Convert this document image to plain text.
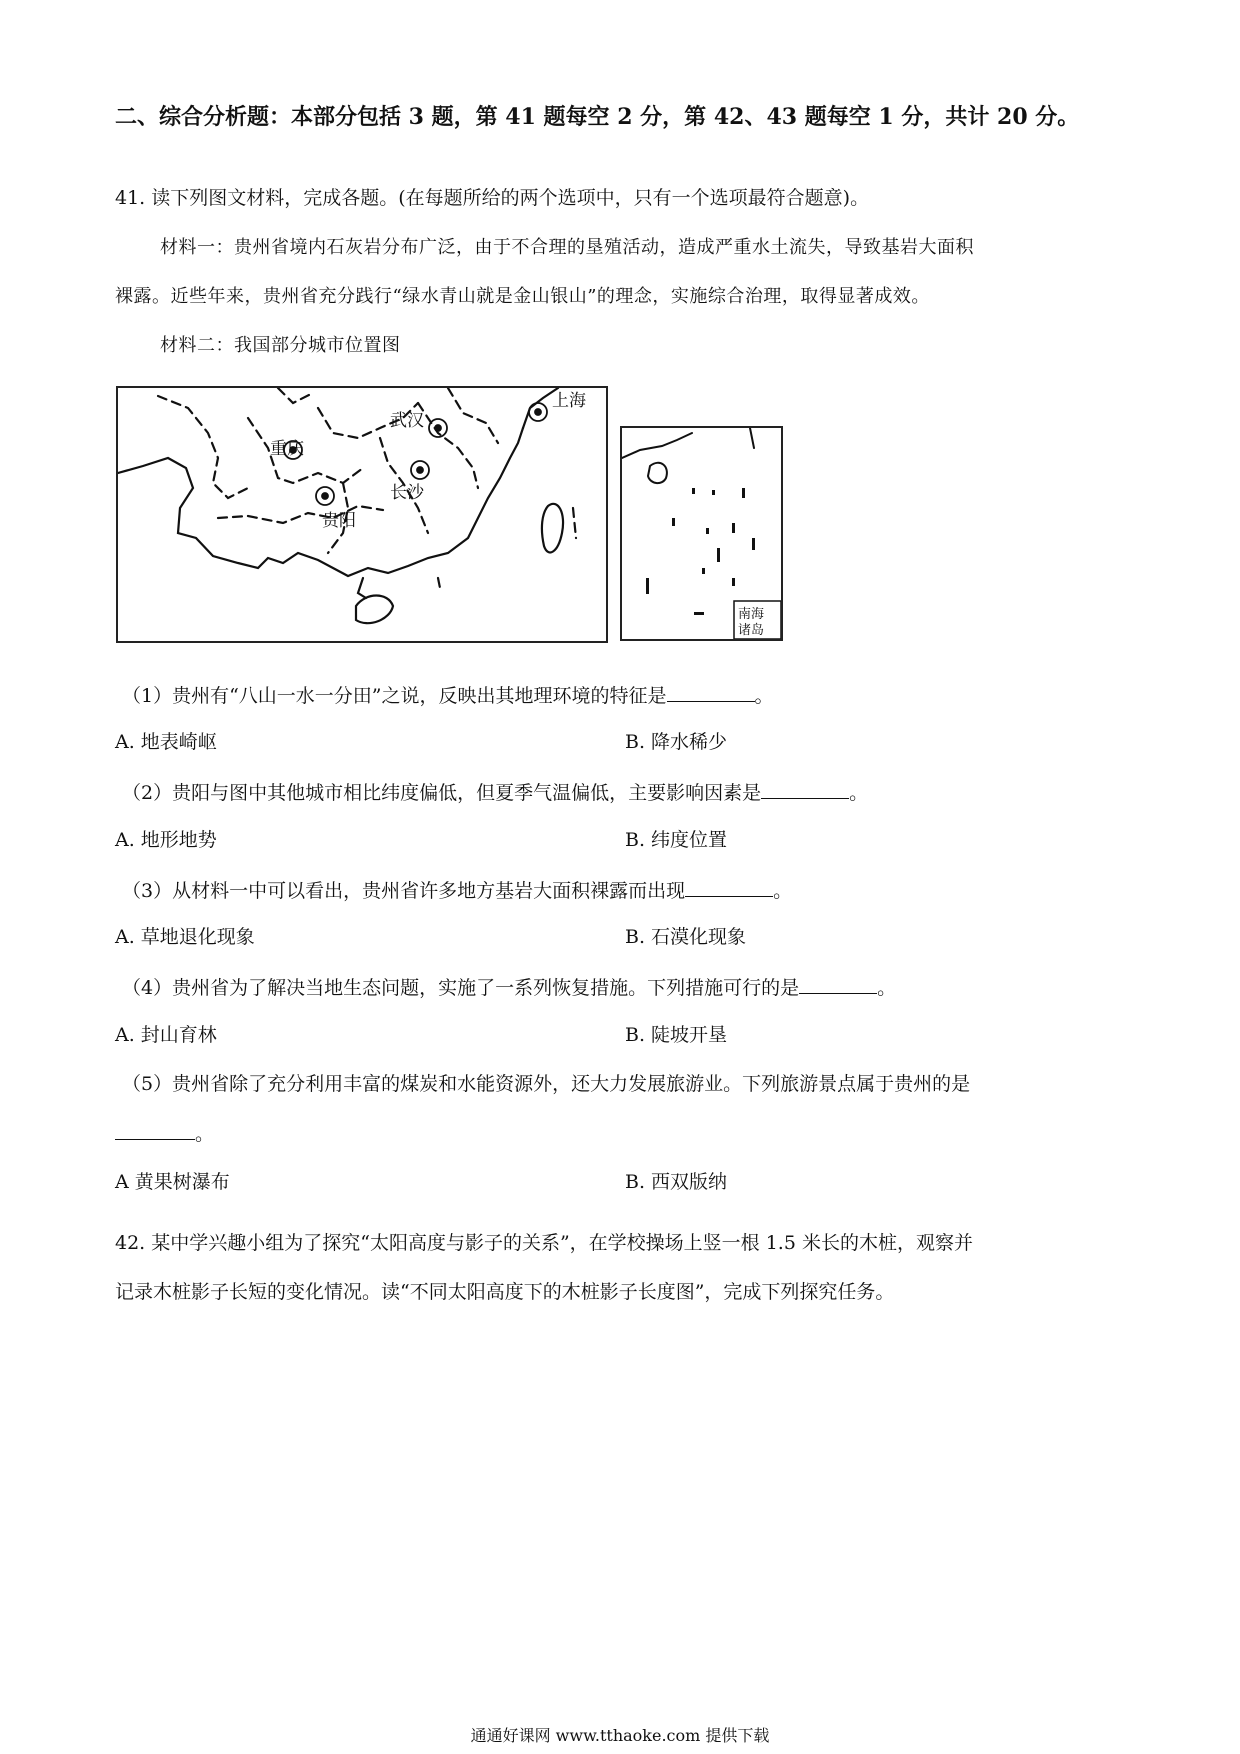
二、综合分析题：本部分包括 3 题，第 41 题每空 2 分，第 42、43 题每空 1 分，共计 20 分。
41. 读下列图文材料，完成各题。(在每题所给的两个选项中，只有一个选项最符合题意)。
材料一：贵州省境内石灰岩分布广泛，由于不合理的垦殖活动，造成严重水土流失，导致基岩大面积
裸露。近些年来，贵州省充分践行“绿水青山就是金山银山”的理念，实施综合治理，取得显著成效。
材料二：我国部分城市位置图
上海
武汉
重庆
长沙
贵阳
南海
诸岛
（1）贵州有“八山一水一分田”之说，反映出其地理环境的特征是	。
A. 地表崎岖	B. 降水稀少
（2）贵阳与图中其他城市相比纬度偏低，但夏季气温偏低，主要影响因素是	。
A. 地形地势	B. 纬度位置
（3）从材料一中可以看出，贵州省许多地方基岩大面积裸露而出现	。
A. 草地退化现象	B. 石漠化现象
（4）贵州省为了解决当地生态问题，实施了一系列恢复措施。下列措施可行的是	。
A. 封山育林	B. 陡坡开垦
（5）贵州省除了充分利用丰富的煤炭和水能资源外，还大力发展旅游业。下列旅游景点属于贵州的是
。
A 黄果树瀑布	B. 西双版纳
42. 某中学兴趣小组为了探究“太阳高度与影子的关系”，在学校操场上竖一根 1.5 米长的木桩，观察并
记录木桩影子长短的变化情况。读“不同太阳高度下的木桩影子长度图”，完成下列探究任务。
通通好课网 www.tthaoke.com 提供下载
